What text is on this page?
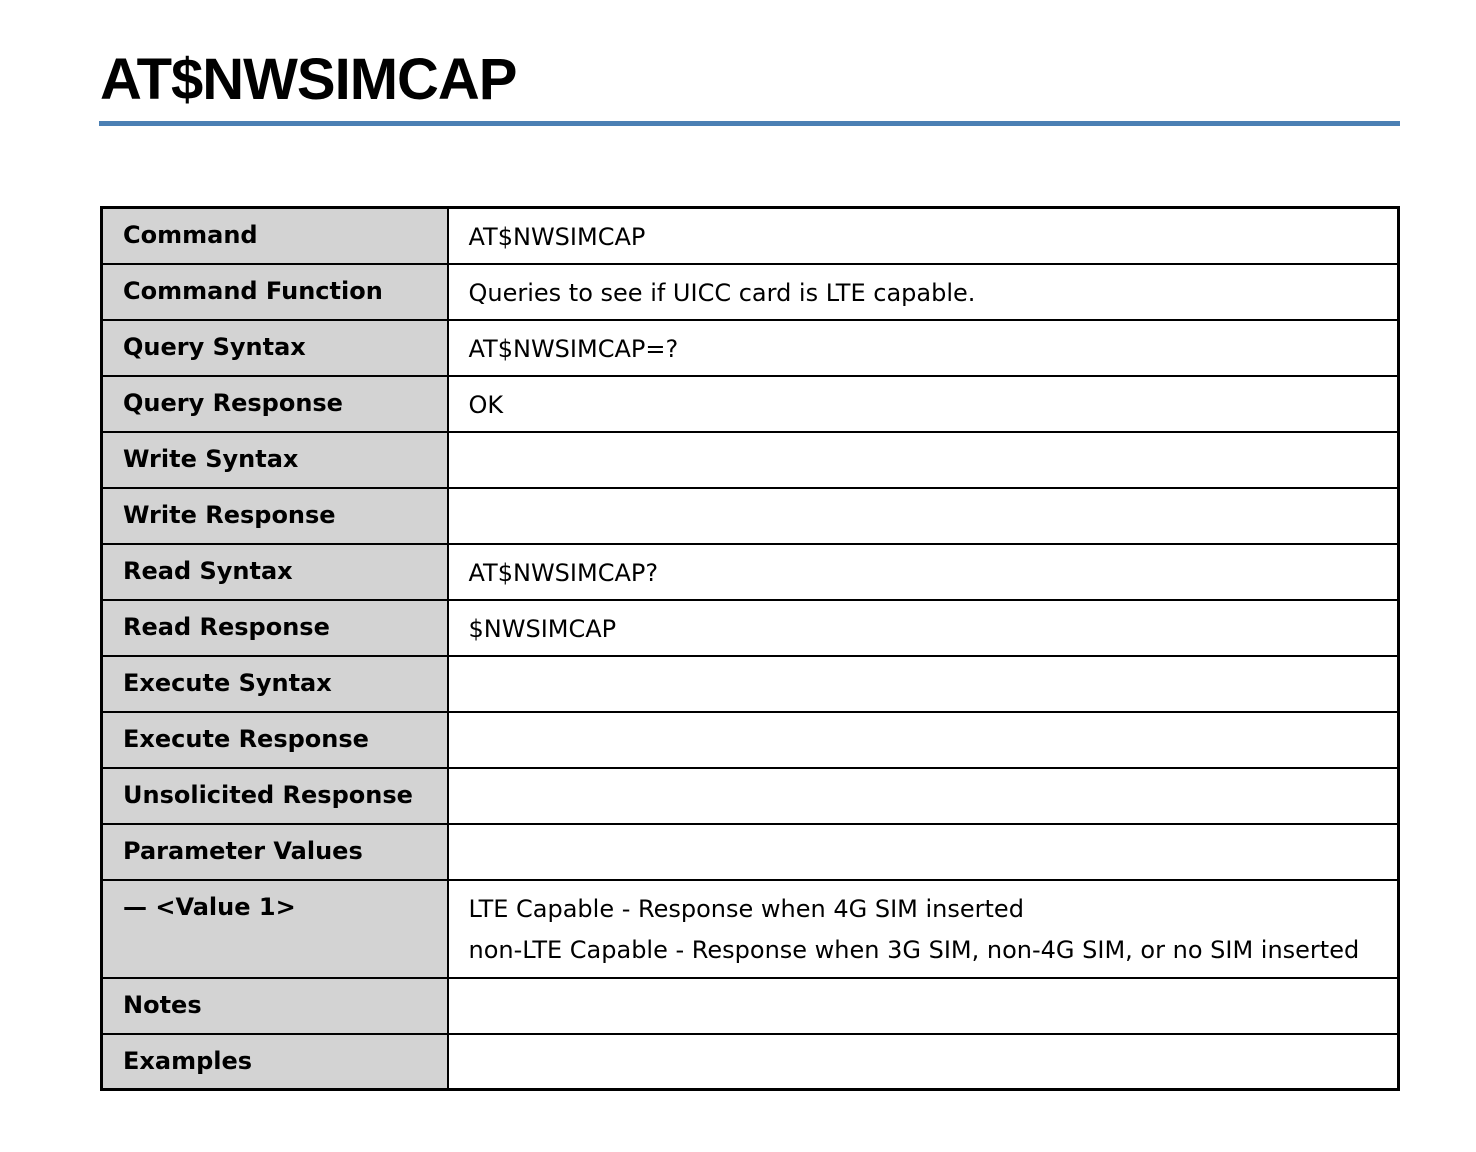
AT$NWSIMCAP
Command	AT$NWSIMCAP

Command Function	Queries to see if UICC card is LTE capable.

Query Syntax	AT$NWSIMCAP=?

Query Response	OK

Write Syntax	
Write Response	
Read Syntax	AT$NWSIMCAP?

Read Response	$NWSIMCAP

Execute Syntax	
Execute Response	
Unsolicited Response	
Parameter Values	
— <Value 1>	LTE Capable - Response when 4G SIM inserted
non-LTE Capable - Response when 3G SIM, non-4G SIM, or no SIM inserted

Notes	
Examples	
